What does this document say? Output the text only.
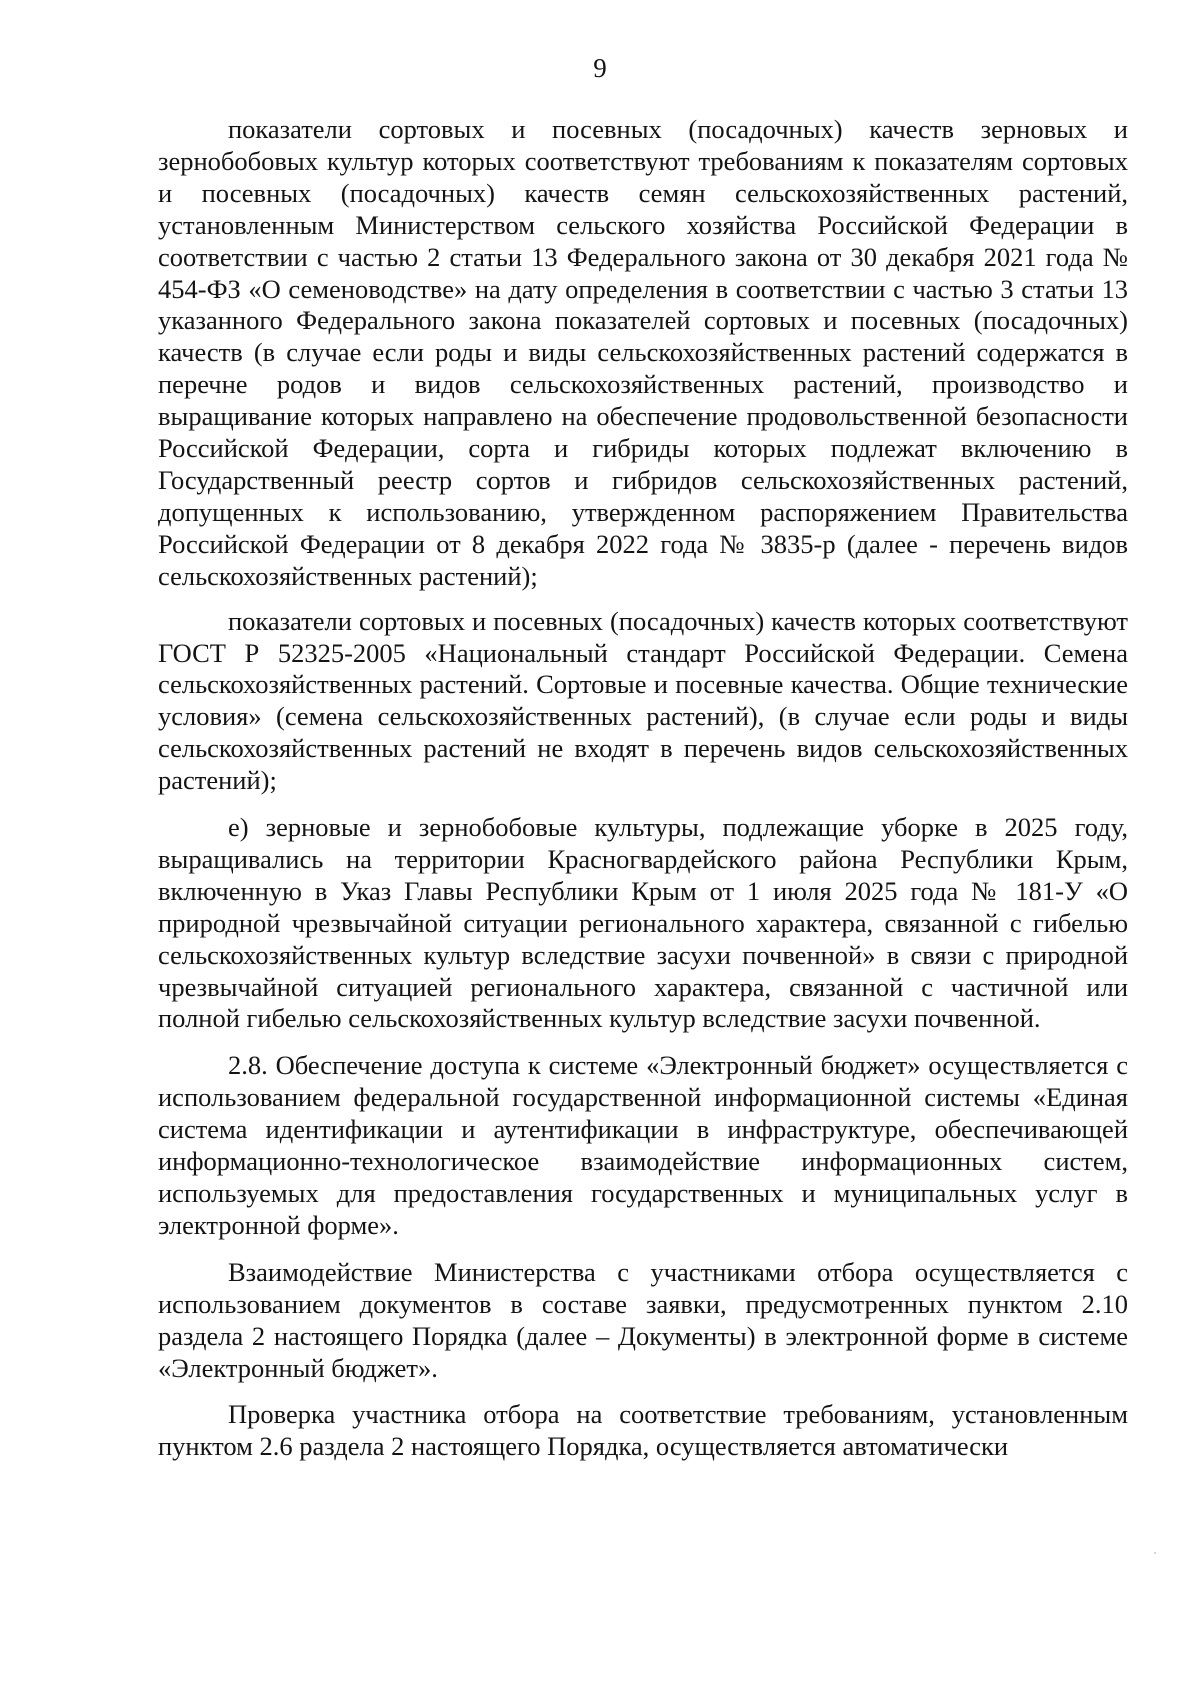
9

показатели сортовых и посевных (посадочных) качеств зерновых и зернобобовых культур которых соответствуют требованиям к показателям сортовых и посевных (посадочных) качеств семян сельскохозяйственных растений, установленным Министерством сельского хозяйства Российской Федерации в соответствии с частью 2 статьи 13 Федерального закона от 30 декабря 2021 года № 454-ФЗ «О семеноводстве» на дату определения в соответствии с частью 3 статьи 13 указанного Федерального закона показателей сортовых и посевных (посадочных) качеств (в случае если роды и виды сельскохозяйственных растений содержатся в перечне родов и видов сельскохозяйственных растений, производство и выращивание которых направлено на обеспечение продовольственной безопасности Российской Федерации, сорта и гибриды которых подлежат включению в Государственный реестр сортов и гибридов сельскохозяйственных растений, допущенных к использованию, утвержденном распоряжением Правительства Российской Федерации от 8 декабря 2022 года № 3835-р (далее - перечень видов сельскохозяйственных растений);

показатели сортовых и посевных (посадочных) качеств которых соответствуют ГОСТ Р 52325-2005 «Национальный стандарт Российской Федерации. Семена сельскохозяйственных растений. Сортовые и посевные качества. Общие технические условия» (семена сельскохозяйственных растений), (в случае если роды и виды сельскохозяйственных растений не входят в перечень видов сельскохозяйственных растений);

е) зерновые и зернобобовые культуры, подлежащие уборке в 2025 году, выращивались на территории Красногвардейского района Республики Крым, включенную в Указ Главы Республики Крым от 1 июля 2025 года № 181-У «О природной чрезвычайной ситуации регионального характера, связанной с гибелью сельскохозяйственных культур вследствие засухи почвенной» в связи с природной чрезвычайной ситуацией регионального характера, связанной с частичной или полной гибелью сельскохозяйственных культур вследствие засухи почвенной.

2.8. Обеспечение доступа к системе «Электронный бюджет» осуществляется с использованием федеральной государственной информационной системы «Единая система идентификации и аутентификации в инфраструктуре, обеспечивающей информационно-технологическое взаимодействие информационных систем, используемых для предоставления государственных и муниципальных услуг в электронной форме».

Взаимодействие Министерства с участниками отбора осуществляется с использованием документов в составе заявки, предусмотренных пунктом 2.10 раздела 2 настоящего Порядка (далее – Документы) в электронной форме в системе «Электронный бюджет».

Проверка участника отбора на соответствие требованиям, установленным пунктом 2.6 раздела 2 настоящего Порядка, осуществляется автоматически
